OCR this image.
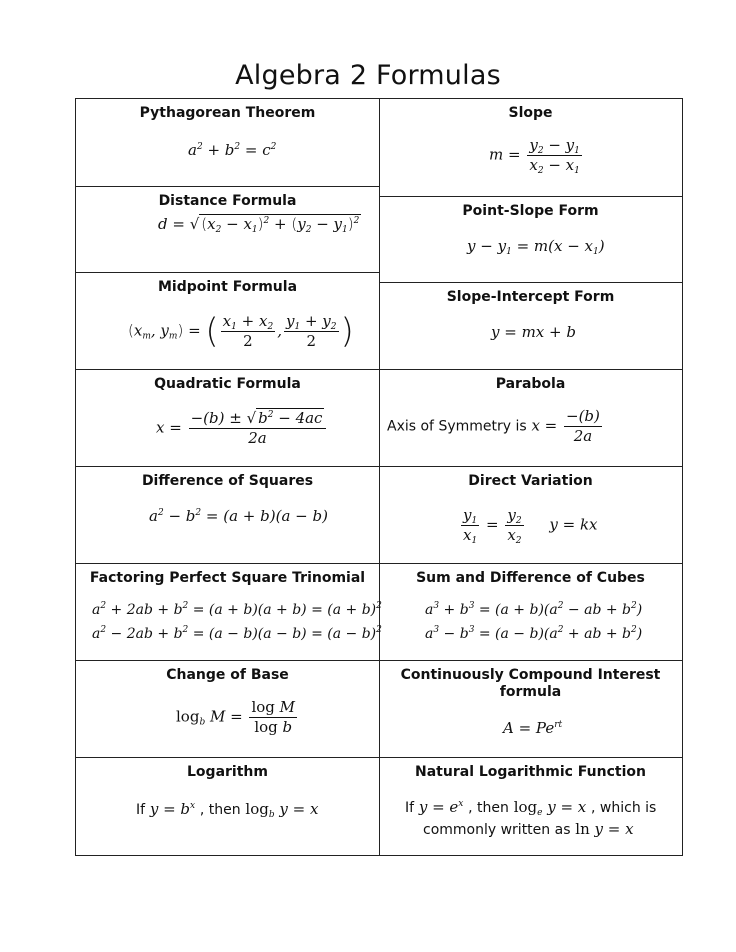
Algebra 2 Formulas
Pythagorean Theorem
$a^2 + b^2 = c^2$
Distance Formula
d = √ $(x_2 - x_1)^2 + (y_2 - y_1)^2$
Midpoint Formula
($x_m$, $y_m$) = ( $\frac{x_1 + x_2}{2}$ , $\frac{y_1 + y_2}{2}$ )
Quadratic Formula
$x = \frac{-(b) \pm √ b^2 - 4ac}{2a}$
Difference of Squares
$a^2 - b^2 = (a + b)(a - b)$
Factoring Perfect Square Trinomial
$a^2 + 2ab + b^2 = (a + b)(a + b) = (a + b)^2$
$a^2 - 2ab + b^2 = (a - b)(a - b) = (a - b)^2$
Change of Base
$\log_b M = \frac{\text{log M}}{\text{log b}}$
Logarithm
If $y = b^x$ , then $\log_b y = x$
Slope
$m = \frac{y_2 - y_1}{x_2 - x_1}$
Point-Slope Form
$y - y_1 = m(x - x_1)$
Slope-Intercept Form
y = mx + b
Parabola
Axis of Symmetry is $x = \frac{-(b)}{2a}$
Direct Variation
$\frac{y_1}{x_1} = \frac{y_2}{x_2}$ y = kx
Sum and Difference of Cubes
$a^3 + b^3 = (a + b)(a^2$ − ab + $b^2$)
$a^3 - b^3 = (a - b)(a^2$ + ab + $b^2$)
Continuously Compound Interest formula
$A = Pe^{rt}$
Natural Logarithmic Function
If $y = e^x$ , then $\log_e y = x$ , which is
commonly written as ln y = x
